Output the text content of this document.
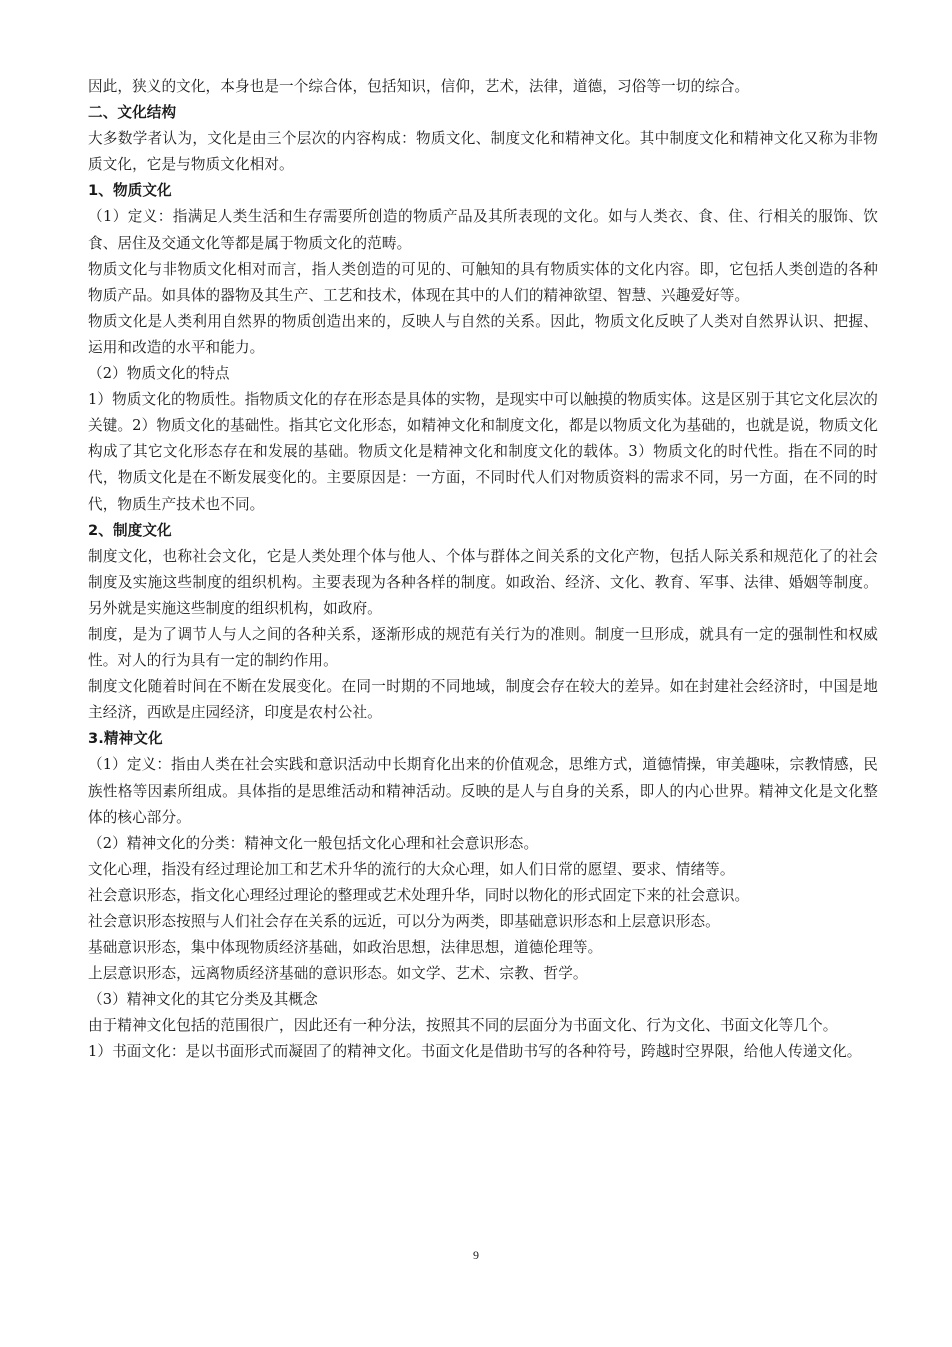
因此，狭义的文化，本身也是一个综合体，包括知识，信仰，艺术，法律，道德，习俗等一切的综合。

二、文化结构

大多数学者认为，文化是由三个层次的内容构成：物质文化、制度文化和精神文化。其中制度文化和精神文化又称为非物质文化，它是与物质文化相对。

1、物质文化

（1）定义：指满足人类生活和生存需要所创造的物质产品及其所表现的文化。如与人类衣、食、住、行相关的服饰、饮食、居住及交通文化等都是属于物质文化的范畴。

物质文化与非物质文化相对而言，指人类创造的可见的、可触知的具有物质实体的文化内容。即，它包括人类创造的各种物质产品。如具体的器物及其生产、工艺和技术，体现在其中的人们的精神欲望、智慧、兴趣爱好等。

物质文化是人类利用自然界的物质创造出来的，反映人与自然的关系。因此，物质文化反映了人类对自然界认识、把握、运用和改造的水平和能力。

（2）物质文化的特点

1）物质文化的物质性。指物质文化的存在形态是具体的实物，是现实中可以触摸的物质实体。这是区别于其它文化层次的关键。2）物质文化的基础性。指其它文化形态，如精神文化和制度文化，都是以物质文化为基础的，也就是说，物质文化构成了其它文化形态存在和发展的基础。物质文化是精神文化和制度文化的载体。3）物质文化的时代性。指在不同的时代，物质文化是在不断发展变化的。主要原因是：一方面，不同时代人们对物质资料的需求不同，另一方面，在不同的时代，物质生产技术也不同。

2、制度文化

制度文化，也称社会文化，它是人类处理个体与他人、个体与群体之间关系的文化产物，包括人际关系和规范化了的社会制度及实施这些制度的组织机构。主要表现为各种各样的制度。如政治、经济、文化、教育、军事、法律、婚姻等制度。另外就是实施这些制度的组织机构，如政府。

制度，是为了调节人与人之间的各种关系，逐渐形成的规范有关行为的准则。制度一旦形成，就具有一定的强制性和权威性。对人的行为具有一定的制约作用。

制度文化随着时间在不断在发展变化。在同一时期的不同地域，制度会存在较大的差异。如在封建社会经济时，中国是地主经济，西欧是庄园经济，印度是农村公社。

3.精神文化

（1）定义：指由人类在社会实践和意识活动中长期育化出来的价值观念，思维方式，道德情操，审美趣味，宗教情感，民族性格等因素所组成。具体指的是思维活动和精神活动。反映的是人与自身的关系，即人的内心世界。精神文化是文化整体的核心部分。

（2）精神文化的分类：精神文化一般包括文化心理和社会意识形态。

文化心理，指没有经过理论加工和艺术升华的流行的大众心理，如人们日常的愿望、要求、情绪等。

社会意识形态，指文化心理经过理论的整理或艺术处理升华，同时以物化的形式固定下来的社会意识。

社会意识形态按照与人们社会存在关系的远近，可以分为两类，即基础意识形态和上层意识形态。

基础意识形态，集中体现物质经济基础，如政治思想，法律思想，道德伦理等。

上层意识形态，远离物质经济基础的意识形态。如文学、艺术、宗教、哲学。

（3）精神文化的其它分类及其概念

由于精神文化包括的范围很广，因此还有一种分法，按照其不同的层面分为书面文化、行为文化、书面文化等几个。

1）书面文化：是以书面形式而凝固了的精神文化。书面文化是借助书写的各种符号，跨越时空界限，给他人传递文化。

9
